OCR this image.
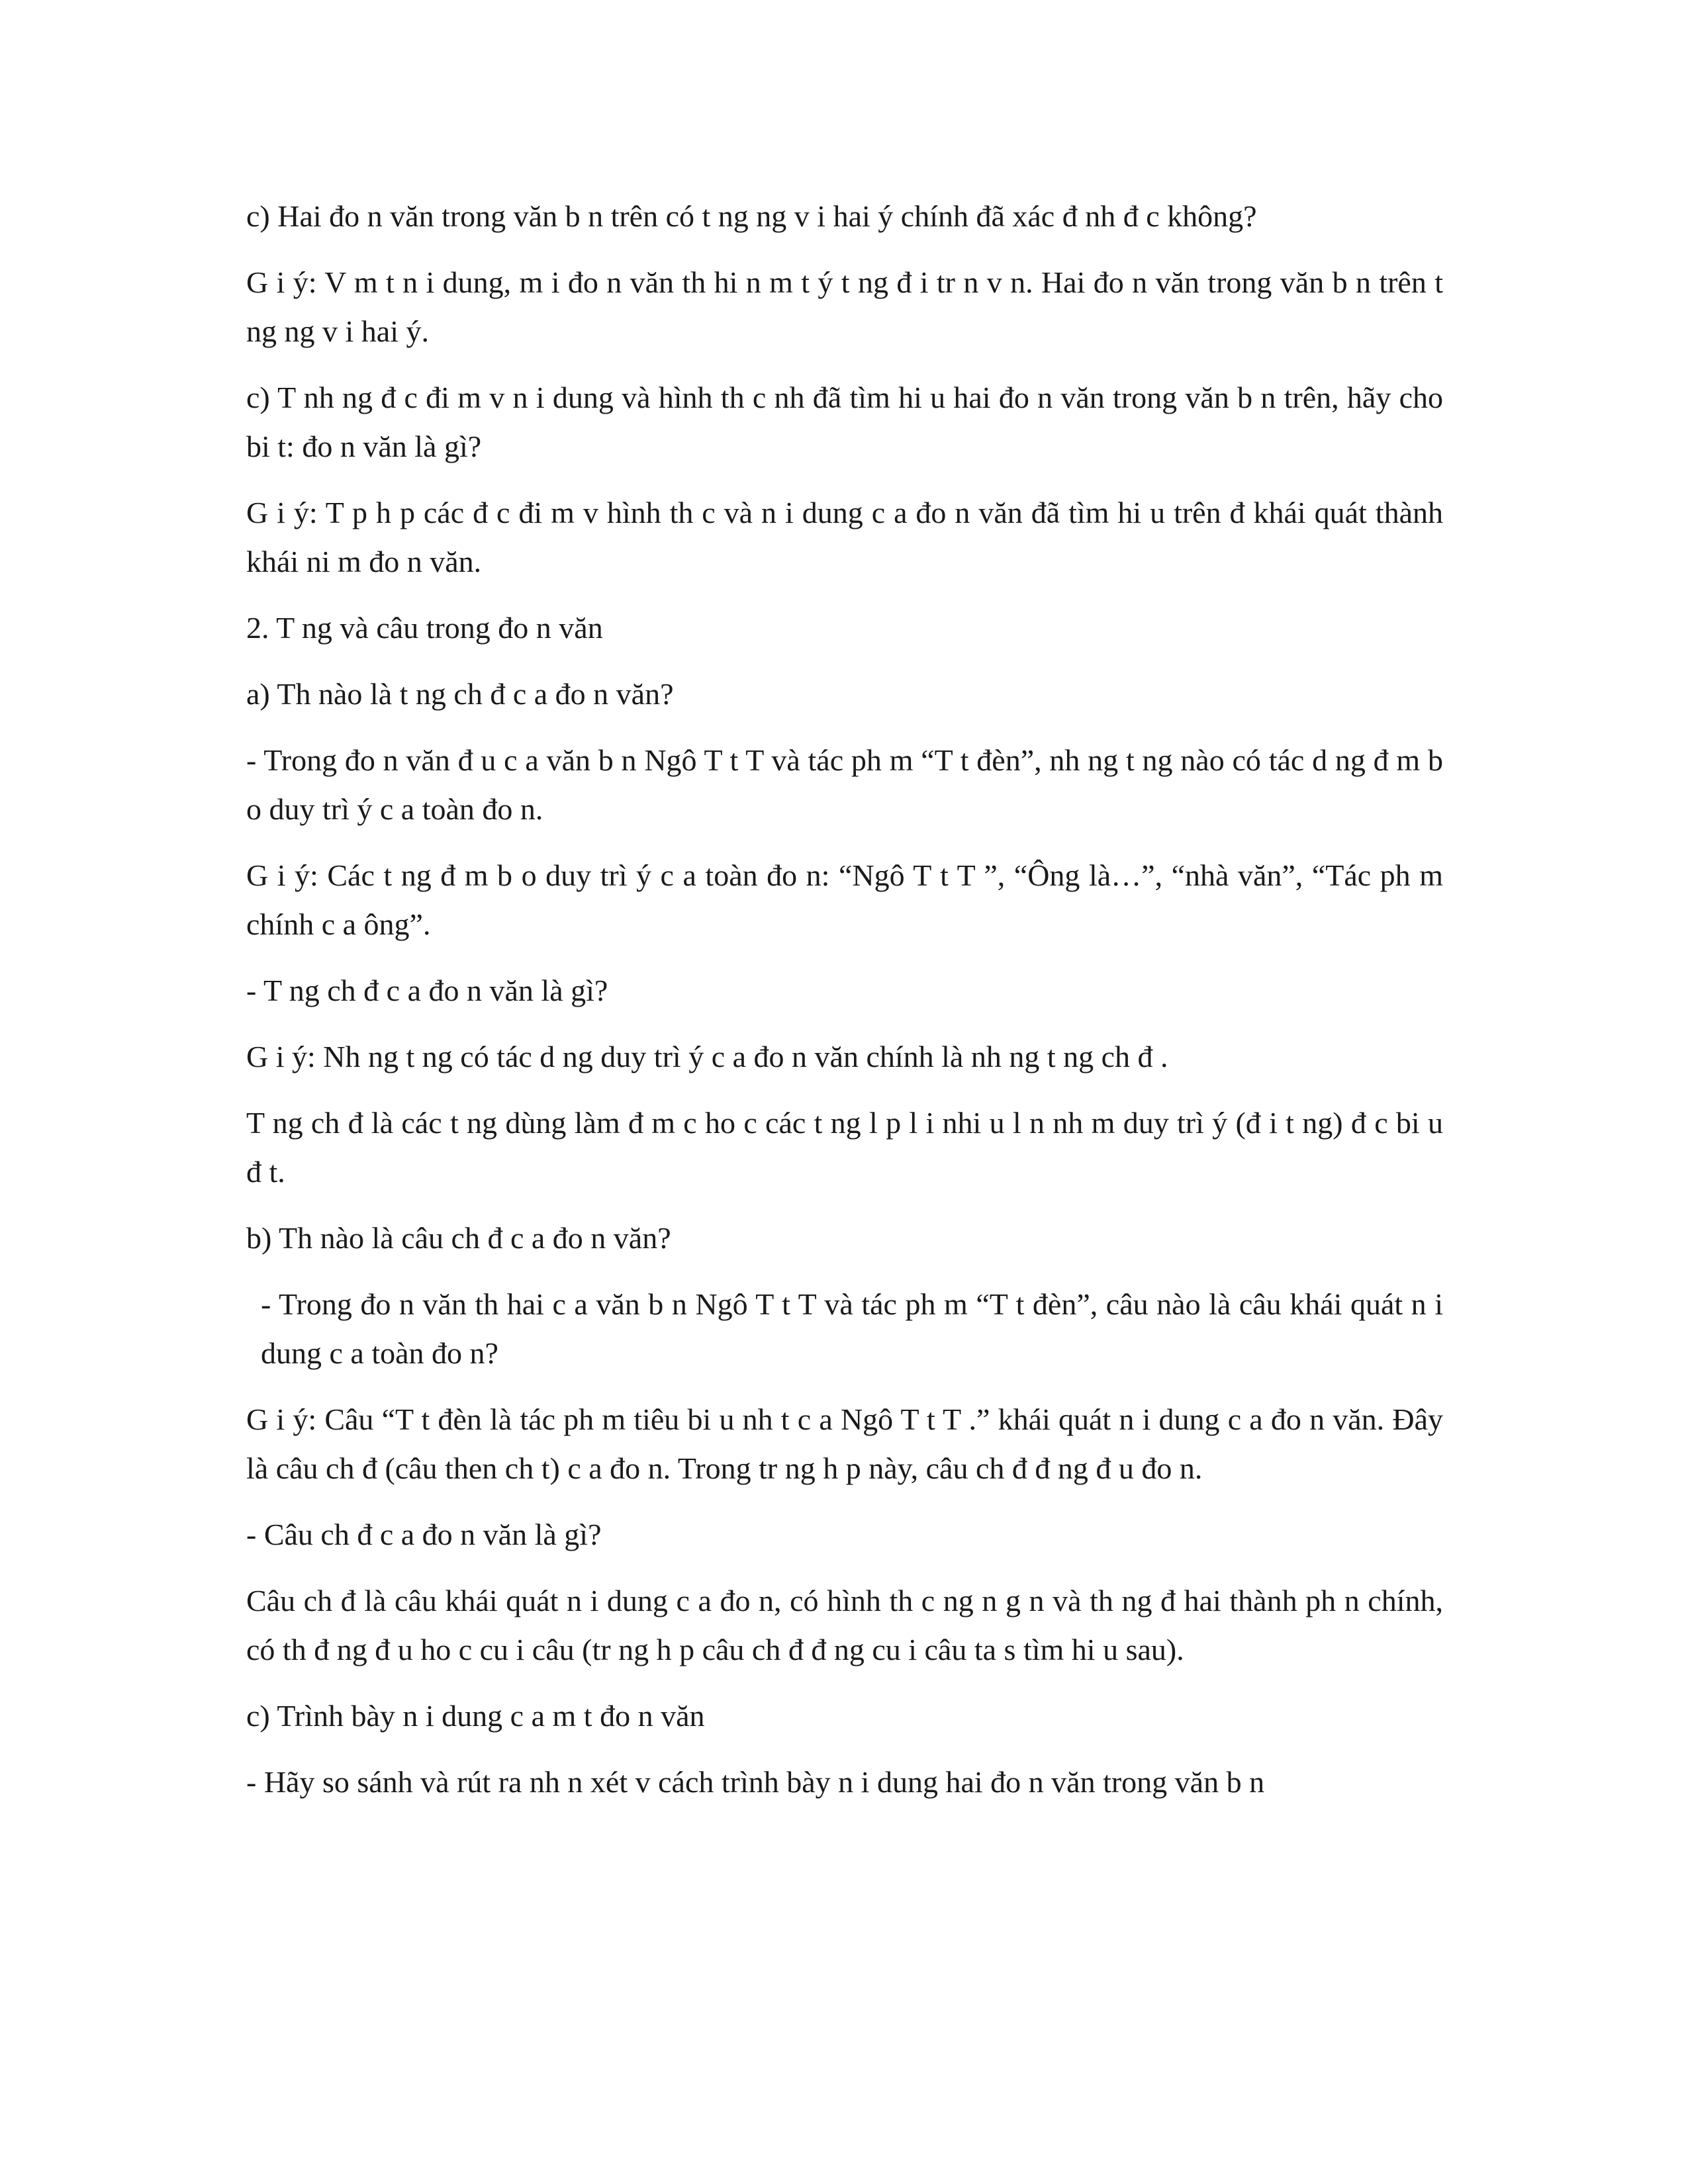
c) Hai đo n văn trong văn b n trên có t ng ng v i hai ý chính đã xác đ nh đ c không?

G i ý: V m t n i dung, m i đo n văn th hi n m t ý t ng đ i tr n v n. Hai đo n văn trong văn b n trên t ng ng v i hai ý.

c) T nh ng đ c đi m v n i dung và hình th c nh đã tìm hi u hai đo n văn trong văn b n trên, hãy cho bi t: đo n văn là gì?

G i ý: T p h p các đ c đi m v hình th c và n i dung c a đo n văn đã tìm hi u trên đ khái quát thành khái ni m đo n văn.

2. T ng và câu trong đo n văn

a) Th nào là t ng ch đ c a đo n văn?

- Trong đo n văn đ u c a văn b n Ngô T t T và tác ph m “T t đèn”, nh ng t ng nào có tác d ng đ m b o duy trì ý c a toàn đo n.

G i ý: Các t ng đ m b o duy trì ý c a toàn đo n: “Ngô T t T ”, “Ông là…”, “nhà văn”, “Tác ph m chính c a ông”.

- T ng ch đ c a đo n văn là gì?

G i ý: Nh ng t ng có tác d ng duy trì ý c a đo n văn chính là nh ng t ng ch đ .

T ng ch đ là các t ng dùng làm đ m c ho c các t ng l p l i nhi u l n nh m duy trì ý (đ i t ng) đ c bi u đ t.

b) Th nào là câu ch đ c a đo n văn?

- Trong đo n văn th hai c a văn b n Ngô T t T và tác ph m “T t đèn”, câu nào là câu khái quát n i dung c a toàn đo n?

G i ý: Câu “T t đèn là tác ph m tiêu bi u nh t c a Ngô T t T .” khái quát n i dung c a đo n văn. Đây là câu ch đ (câu then ch t) c a đo n. Trong tr ng h p này, câu ch đ đ ng đ u đo n.

- Câu ch đ c a đo n văn là gì?

Câu ch đ là câu khái quát n i dung c a đo n, có hình th c ng n g n và th ng đ hai thành ph n chính, có th đ ng đ u ho c cu i câu (tr ng h p câu ch đ đ ng cu i câu ta s tìm hi u sau).

c) Trình bày n i dung c a m t đo n văn

- Hãy so sánh và rút ra nh n xét v cách trình bày n i dung hai đo n văn trong văn b n
